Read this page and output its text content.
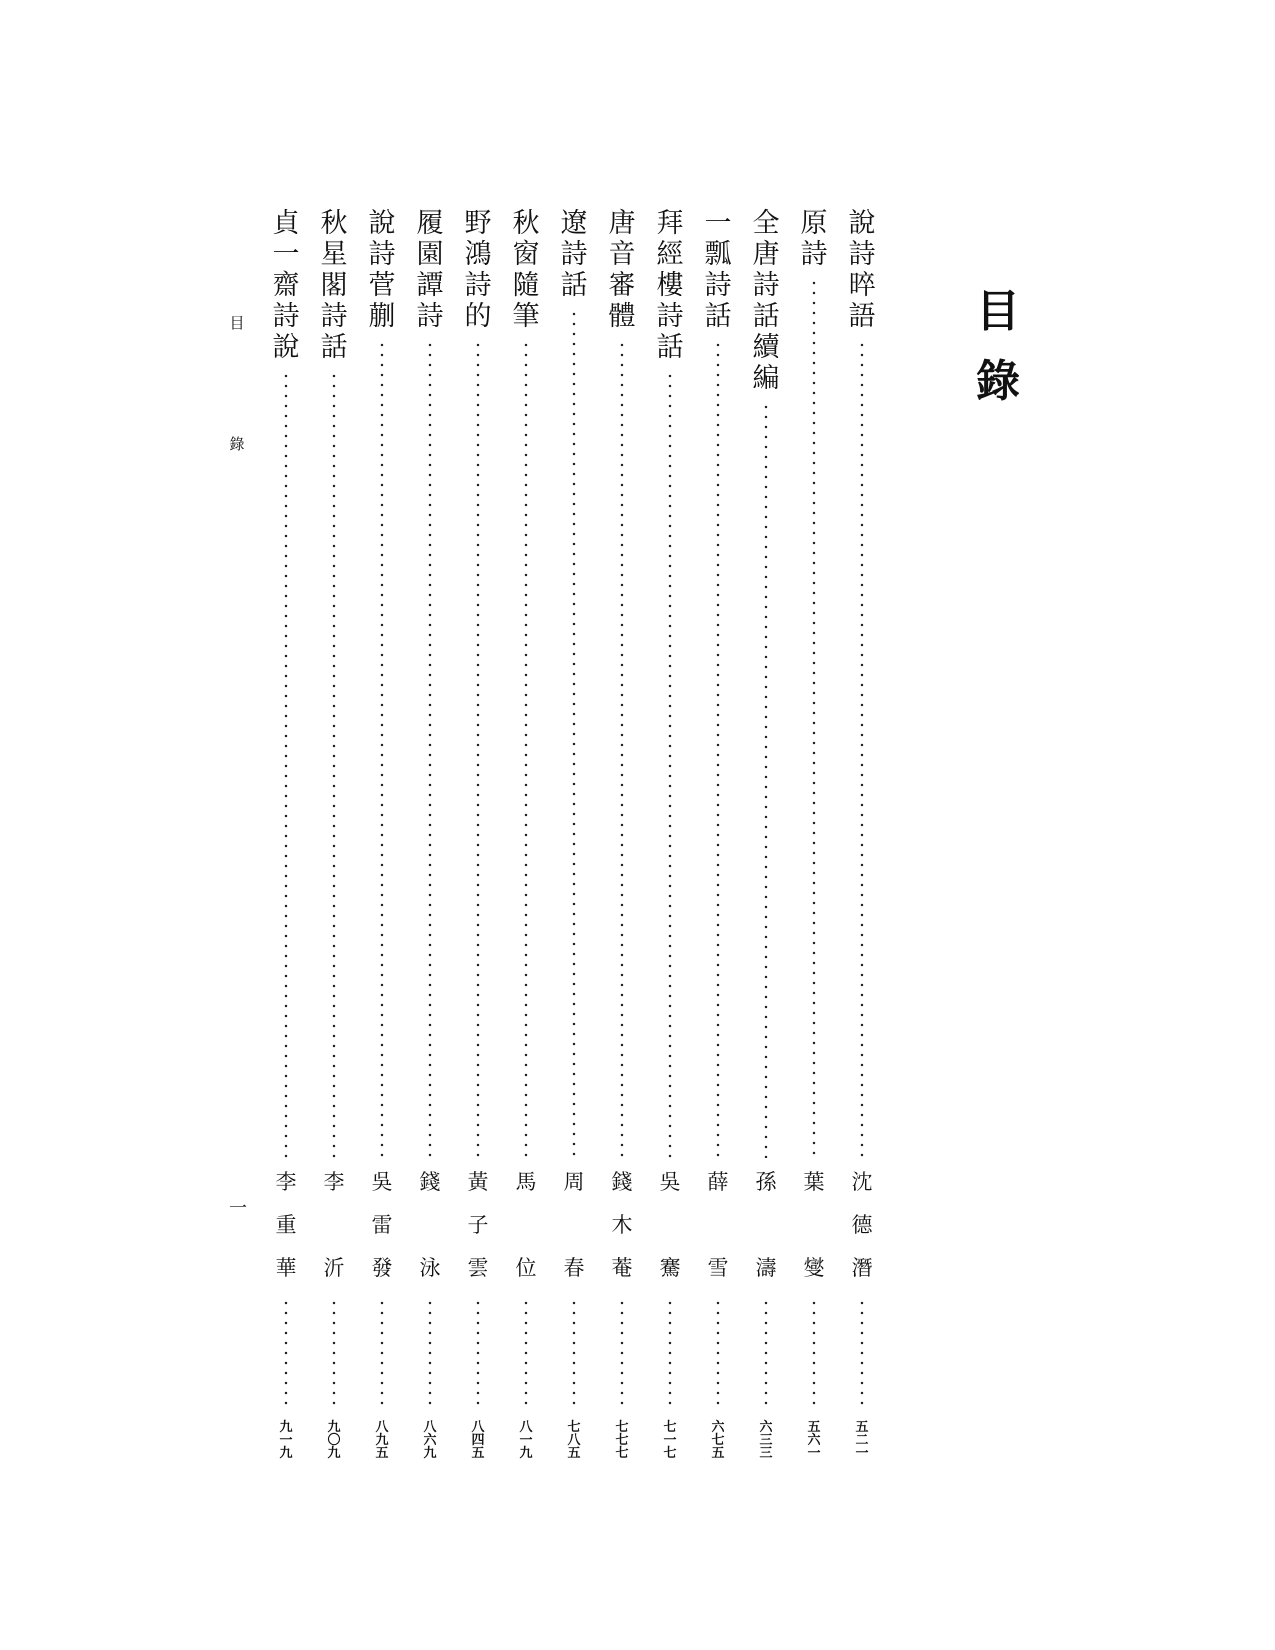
目
錄
說
詩
晬
語
沈
德
潛
五
二
一
原
詩
葉
燮
五
六
一
全
唐
詩
話
續
編
孫
濤
六
三
三
一
瓢
詩
話
薛
雪
六
七
五
拜
經
樓
詩
話
吳
騫
七
一
七
唐
音
審
體
錢
木
菴
七
七
七
遼
詩
話
周
春
七
八
五
秋
窗
隨
筆
馬
位
八
一
九
野
鴻
詩
的
黃
子
雲
八
四
五
履
園
譚
詩
錢
泳
八
六
九
說
詩
菅
蒯
吳
雷
發
八
九
五
秋
星
閣
詩
話
李
沂
九
〇
九
貞
一
齋
詩
說
李
重
華
九
一
九
目
錄
一
